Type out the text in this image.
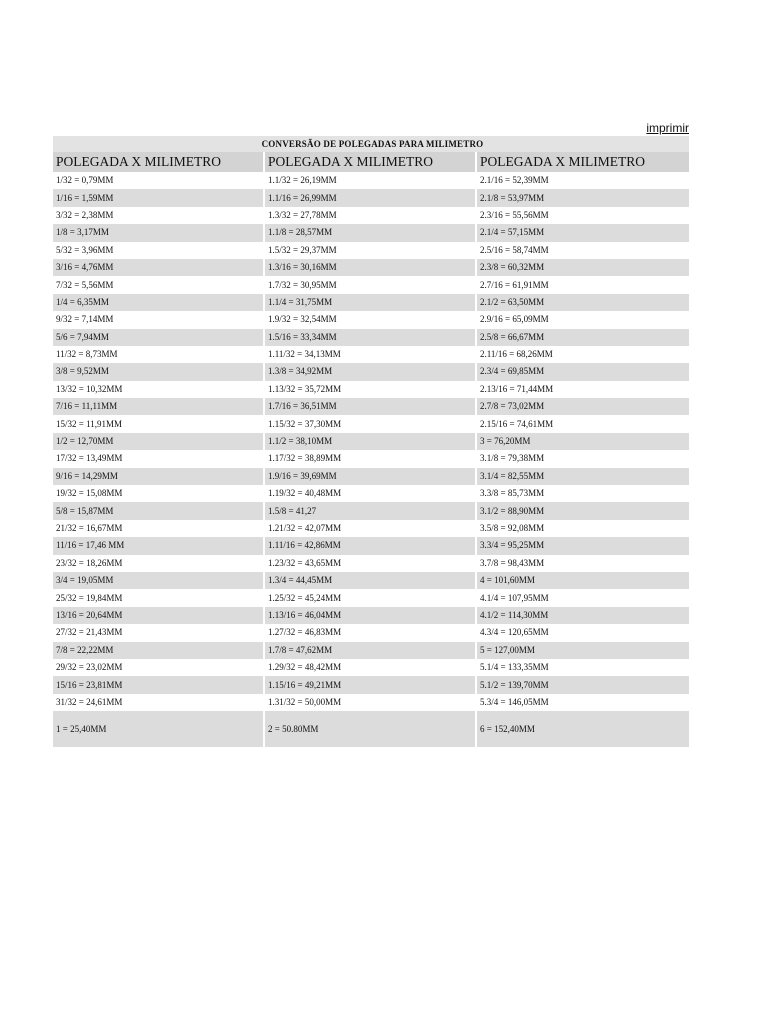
imprimir
CONVERSÃO DE POLEGADAS PARA MILIMETRO		
POLEGADA X MILIMETRO	POLEGADA X MILIMETRO	POLEGADA X MILIMETRO
1/32 = 0,79MM	1.1/32 = 26,19MM	2.1/16 = 52,39MM
1/16 = 1,59MM	1.1/16 = 26,99MM	2.1/8 = 53,97MM
3/32 = 2,38MM	1.3/32 = 27,78MM	2.3/16 = 55,56MM
1/8 = 3,17MM	1.1/8 = 28,57MM	2.1/4 = 57,15MM
5/32 = 3,96MM	1.5/32 = 29,37MM	2.5/16 = 58,74MM
3/16 = 4,76MM	1.3/16 = 30,16MM	2.3/8 = 60,32MM
7/32 = 5,56MM	1.7/32 = 30,95MM	2.7/16 = 61,91MM
1/4 = 6,35MM	1.1/4 = 31,75MM	2.1/2 = 63,50MM
9/32 = 7,14MM	1.9/32 = 32,54MM	2.9/16 = 65,09MM
5/6 = 7,94MM	1.5/16 = 33,34MM	2.5/8 = 66,67MM
11/32 = 8,73MM	1.11/32 = 34,13MM	2.11/16 = 68,26MM
3/8 = 9,52MM	1.3/8 = 34,92MM	2.3/4 = 69,85MM
13/32 = 10,32MM	1.13/32 = 35,72MM	2.13/16 = 71,44MM
7/16 = 11,11MM	1.7/16 = 36,51MM	2.7/8 = 73,02MM
15/32 = 11,91MM	1.15/32 = 37,30MM	2.15/16 = 74,61MM
1/2 = 12,70MM	1.1/2 = 38,10MM	3 = 76,20MM
17/32 = 13,49MM	1.17/32 = 38,89MM	3.1/8 = 79,38MM
9/16 = 14,29MM	1.9/16 = 39,69MM	3.1/4 = 82,55MM
19/32 = 15,08MM	1.19/32 = 40,48MM	3.3/8 = 85,73MM
5/8 = 15,87MM	1.5/8 = 41,27	3.1/2 = 88,90MM
21/32 = 16,67MM	1.21/32 = 42,07MM	3.5/8 = 92,08MM
11/16 = 17,46 MM	1.11/16 = 42,86MM	3.3/4 = 95,25MM
23/32 = 18,26MM	1.23/32 = 43,65MM	3.7/8 = 98,43MM
3/4 = 19,05MM	1.3/4 = 44,45MM	4 = 101,60MM
25/32 = 19,84MM	1.25/32 = 45,24MM	4.1/4 = 107,95MM
13/16 = 20,64MM	1.13/16 = 46,04MM	4.1/2 = 114,30MM
27/32 = 21,43MM	1.27/32 = 46,83MM	4.3/4 = 120,65MM
7/8 = 22,22MM	1.7/8 = 47,62MM	5 = 127,00MM
29/32 = 23,02MM	1.29/32 = 48,42MM	5.1/4 = 133,35MM
15/16 = 23,81MM	1.15/16 = 49,21MM	5.1/2 = 139,70MM
31/32 = 24,61MM	1.31/32 = 50,00MM	5.3/4 = 146,05MM
1 = 25,40MM	2 = 50.80MM	6 = 152,40MM
